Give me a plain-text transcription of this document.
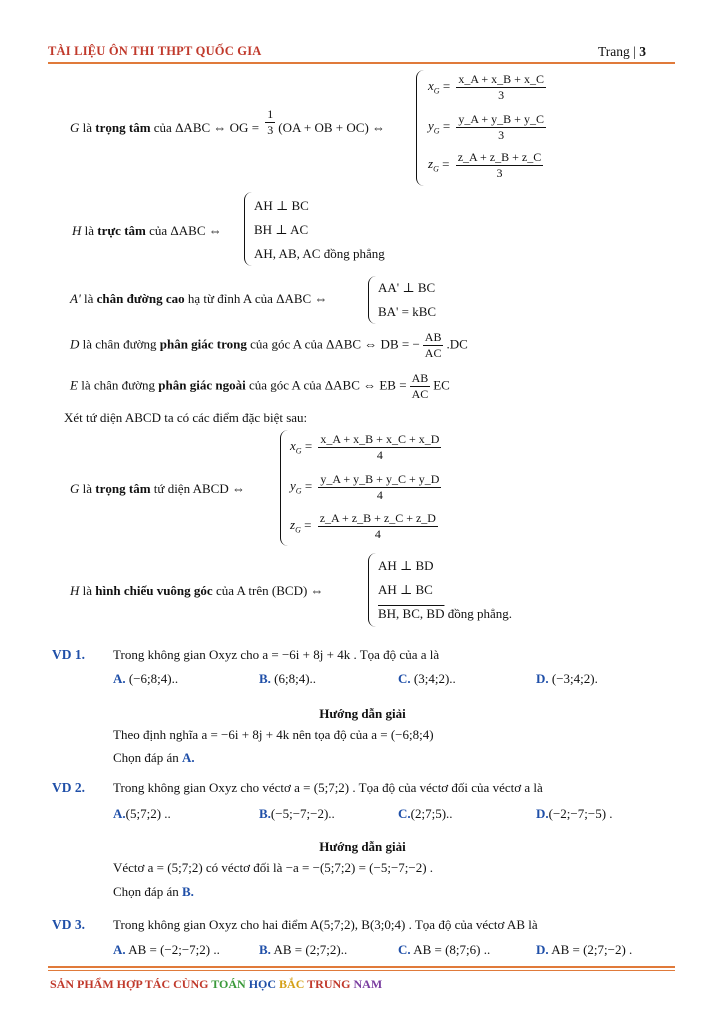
TÀI LIỆU ÔN THI THPT QUỐC GIA	Trang | 3
G là trọng tâm của ΔABC ⇔ OG = $\frac{1}{3} (OA$ + OB + OC) ⇔
$x_G = \frac{x\_A + x\_B + x\_C}{3}$
$y_G = \frac{y\_A + y\_B + y\_C}{3}$
$z_G = \frac{z\_A + z\_B + z\_C}{3}$
H là trực tâm của ΔABC ⇔
AH ⊥ BC
BH ⊥ AC
AH, AB, AC đồng phẳng
A' là chân đường cao hạ từ đỉnh A của ΔABC ⇔
AA' ⊥ BC
BA' = kBC
D là chân đường phân giác trong của góc A của ΔABC ⇔ DB = − $\frac{AB}{AC} .DC$
E là chân đường phân giác ngoài của góc A của ΔABC ⇔ EB = $\frac{AB}{AC}$ EC
Xét tứ diện ABCD ta có các điểm đặc biệt sau:
G là trọng tâm tứ diện ABCD ⇔
$x_G = \frac{x\_A + x\_B + x\_C + x\_D}{4}$
$y_G = \frac{y\_A + y\_B + y\_C + y\_D}{4}$
$z_G = \frac{z\_A + z\_B + z\_C + z\_D}{4}$
H là hình chiếu vuông góc của A trên (BCD) ⇔
AH ⊥ BD
AH ⊥ BC
BH, BC, BD đồng phẳng.
VD 1. Trong không gian Oxyz cho a = −6i + 8j + 4k . Tọa độ của a là
A. (−6;8;4)..	B. (6;8;4)..	C. (3;4;2)..	D. (−3;4;2).
Hướng dẫn giải
Theo định nghĩa a = −6i + 8j + 4k nên tọa độ của a = (−6;8;4)
Chọn đáp án A.
VD 2. Trong không gian Oxyz cho véctơ a = (5;7;2) . Tọa độ của véctơ đối của véctơ a là
A.(5;7;2) ..	B.(−5;−7;−2)..	C.(2;7;5)..	D.(−2;−7;−5) .
Hướng dẫn giải
Véctơ a = (5;7;2) có véctơ đối là −a = −(5;7;2) = (−5;−7;−2) .
Chọn đáp án B.
VD 3. Trong không gian Oxyz cho hai điểm A(5;7;2), B(3;0;4) . Tọa độ của véctơ AB là
A. AB = (−2;−7;2) ..	B. AB = (2;7;2)..	C. AB = (8;7;6) ..	D. AB = (2;7;−2) .
SẢN PHẨM HỢP TÁC CÙNG TOÁN HỌC BẮC TRUNG NAM
